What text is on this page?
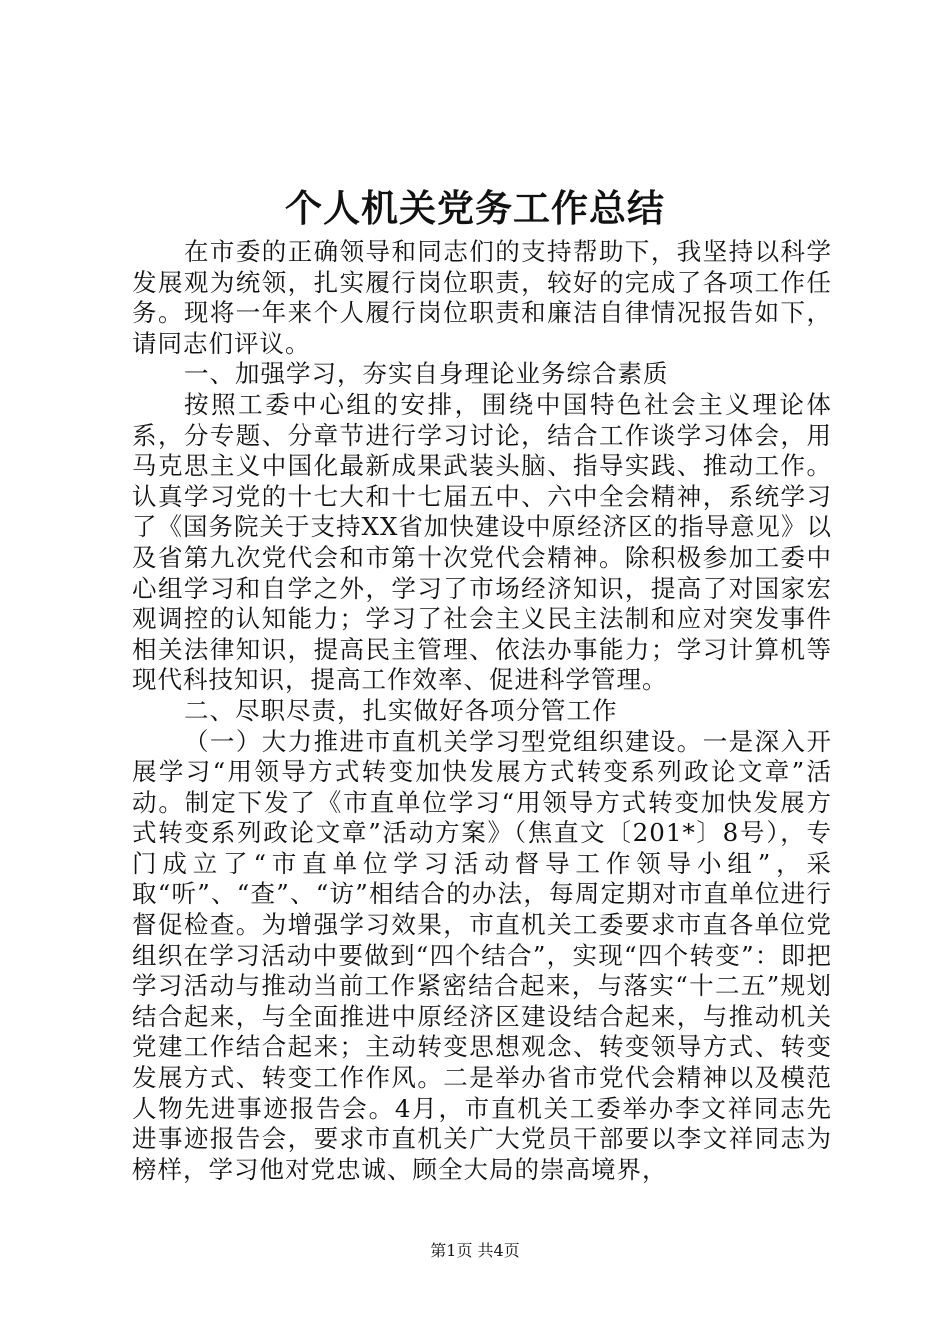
个人机关党务工作总结

在市委的正确领导和同志们的支持帮助下，我坚持以科学发展观为统领，扎实履行岗位职责，较好的完成了各项工作任务。现将一年来个人履行岗位职责和廉洁自律情况报告如下，请同志们评议。

一、加强学习，夯实自身理论业务综合素质

按照工委中心组的安排，围绕中国特色社会主义理论体系，分专题、分章节进行学习讨论，结合工作谈学习体会，用马克思主义中国化最新成果武装头脑、指导实践、推动工作。认真学习党的十七大和十七届五中、六中全会精神，系统学习了《国务院关于支持XX省加快建设中原经济区的指导意见》以及省第九次党代会和市第十次党代会精神。除积极参加工委中心组学习和自学之外，学习了市场经济知识，提高了对国家宏观调控的认知能力；学习了社会主义民主法制和应对突发事件相关法律知识，提高民主管理、依法办事能力；学习计算机等现代科技知识，提高工作效率、促进科学管理。

二、尽职尽责，扎实做好各项分管工作

（一）大力推进市直机关学习型党组织建设。一是深入开展学习“用领导方式转变加快发展方式转变系列政论文章”活动。制定下发了《市直单位学习“用领导方式转变加快发展方式转变系列政论文章”活动方案》（焦直文〔201*〕8号），专门成立了“市直单位学习活动督导工作领导小组”，采取“听”、“查”、“访”相结合的办法，每周定期对市直单位进行督促检查。为增强学习效果，市直机关工委要求市直各单位党组织在学习活动中要做到“四个结合”，实现“四个转变”：即把学习活动与推动当前工作紧密结合起来，与落实“十二五”规划结合起来，与全面推进中原经济区建设结合起来，与推动机关党建工作结合起来；主动转变思想观念、转变领导方式、转变发展方式、转变工作作风。二是举办省市党代会精神以及模范人物先进事迹报告会。4月，市直机关工委举办李文祥同志先进事迹报告会，要求市直机关广大党员干部要以李文祥同志为榜样，学习他对党忠诚、顾全大局的崇高境界，

第1页 共4页
